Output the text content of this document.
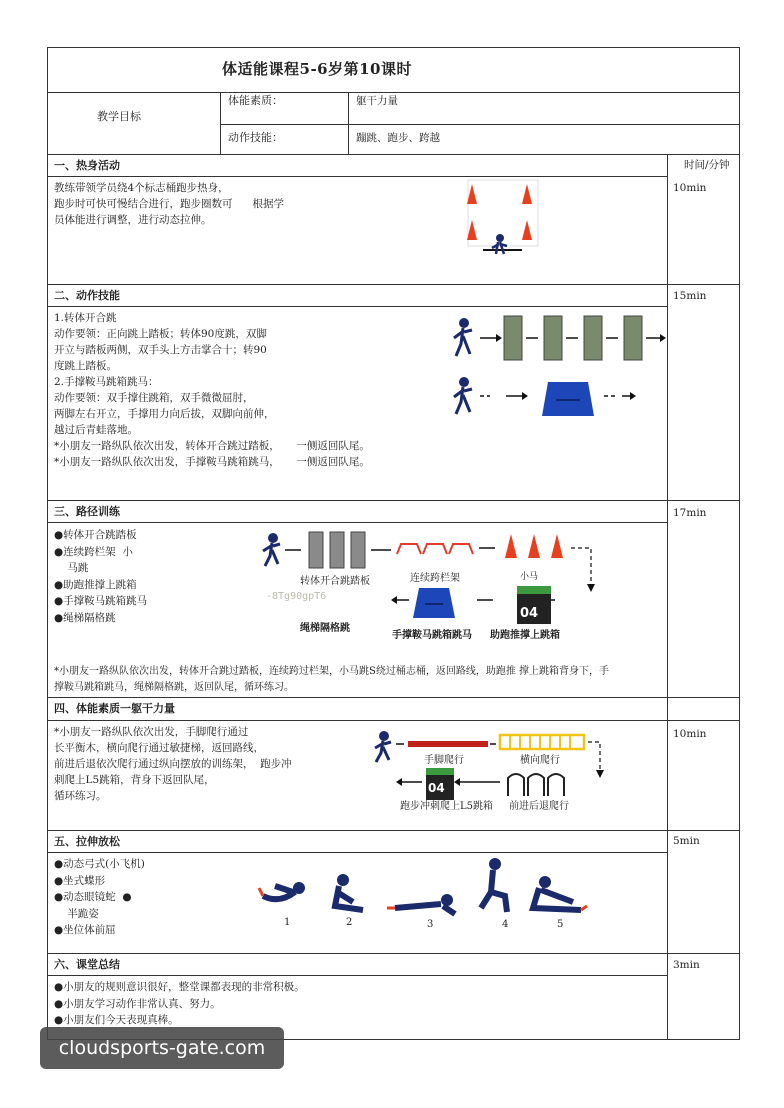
体适能课程5-6岁第10课时
教学目标
体能素质：	躯干力量
动作技能：	蹦跳、跑步、跨越
时间/分钟
一、热身活动
教练带领学员绕4个标志桶跑步热身，
跑步时可快可慢结合进行，跑步圈数可      根据学
员体能进行调整，进行动态拉伸。
10min
二、动作技能
1.转体开合跳
动作要领：正向跳上踏板；转体90度跳，双脚
开立与踏板两侧，双手头上方击掌合十；转90
度跳上踏板。
2.手撑鞍马跳箱跳马：
动作要领：双手撑住跳箱，双手微微屈肘，
两脚左右开立，手撑用力向后拔，双脚向前伸，
越过后青蛙落地。
*小朋友一路纵队依次出发，转体开合跳过踏板，     一侧返回队尾。
*小朋友一路纵队依次出发，手撑鞍马跳箱跳马，     一侧返回队尾。
15min
三、路径训练	17min
●转体开合跳踏板
●连续跨栏架  小
马跳
●助跑推撑上跳箱
●手撑鞍马跳箱跳马
●绳梯隔格跳
转体开合跳踏板	连续跨栏架	小马
-8Tg90gpT6
04
绳梯隔格跳
手撑鞍马跳箱跳马 助跑推撑上跳箱
*小朋友一路纵队依次出发，转体开合跳过踏板，连续跨过栏架，小马跳S绕过桶志桶，返回路线，助跑推 撑上跳箱背身下，手
撑鞍马跳箱跳马，绳梯隔格跳，返回队尾，循环练习。
四、体能素质一躯干力量
10min
*小朋友一路纵队依次出发，手脚爬行通过
长平衡木，横向爬行通过敏捷梯，返回路线，
前进后退依次爬行通过纵向摆放的训练架，  跑步冲
刺爬上L5跳箱，背身下返回队尾，
循环练习。
手脚爬行	横向爬行
04
跑步冲刺爬上L5跳箱 前进后退爬行
五、拉伸放松	5min
●动态弓式(小飞机)
●坐式蝶形
●动态眼镜蛇  ●
半跪姿
●坐位体前屈
1	2	3	4	5
六、课堂总结	3min
●小朋友的规则意识很好，整堂课都表现的非常积极。
●小朋友学习动作非常认真、努力。
●小朋友们今天表现真棒。
cloudsports-gate.com
